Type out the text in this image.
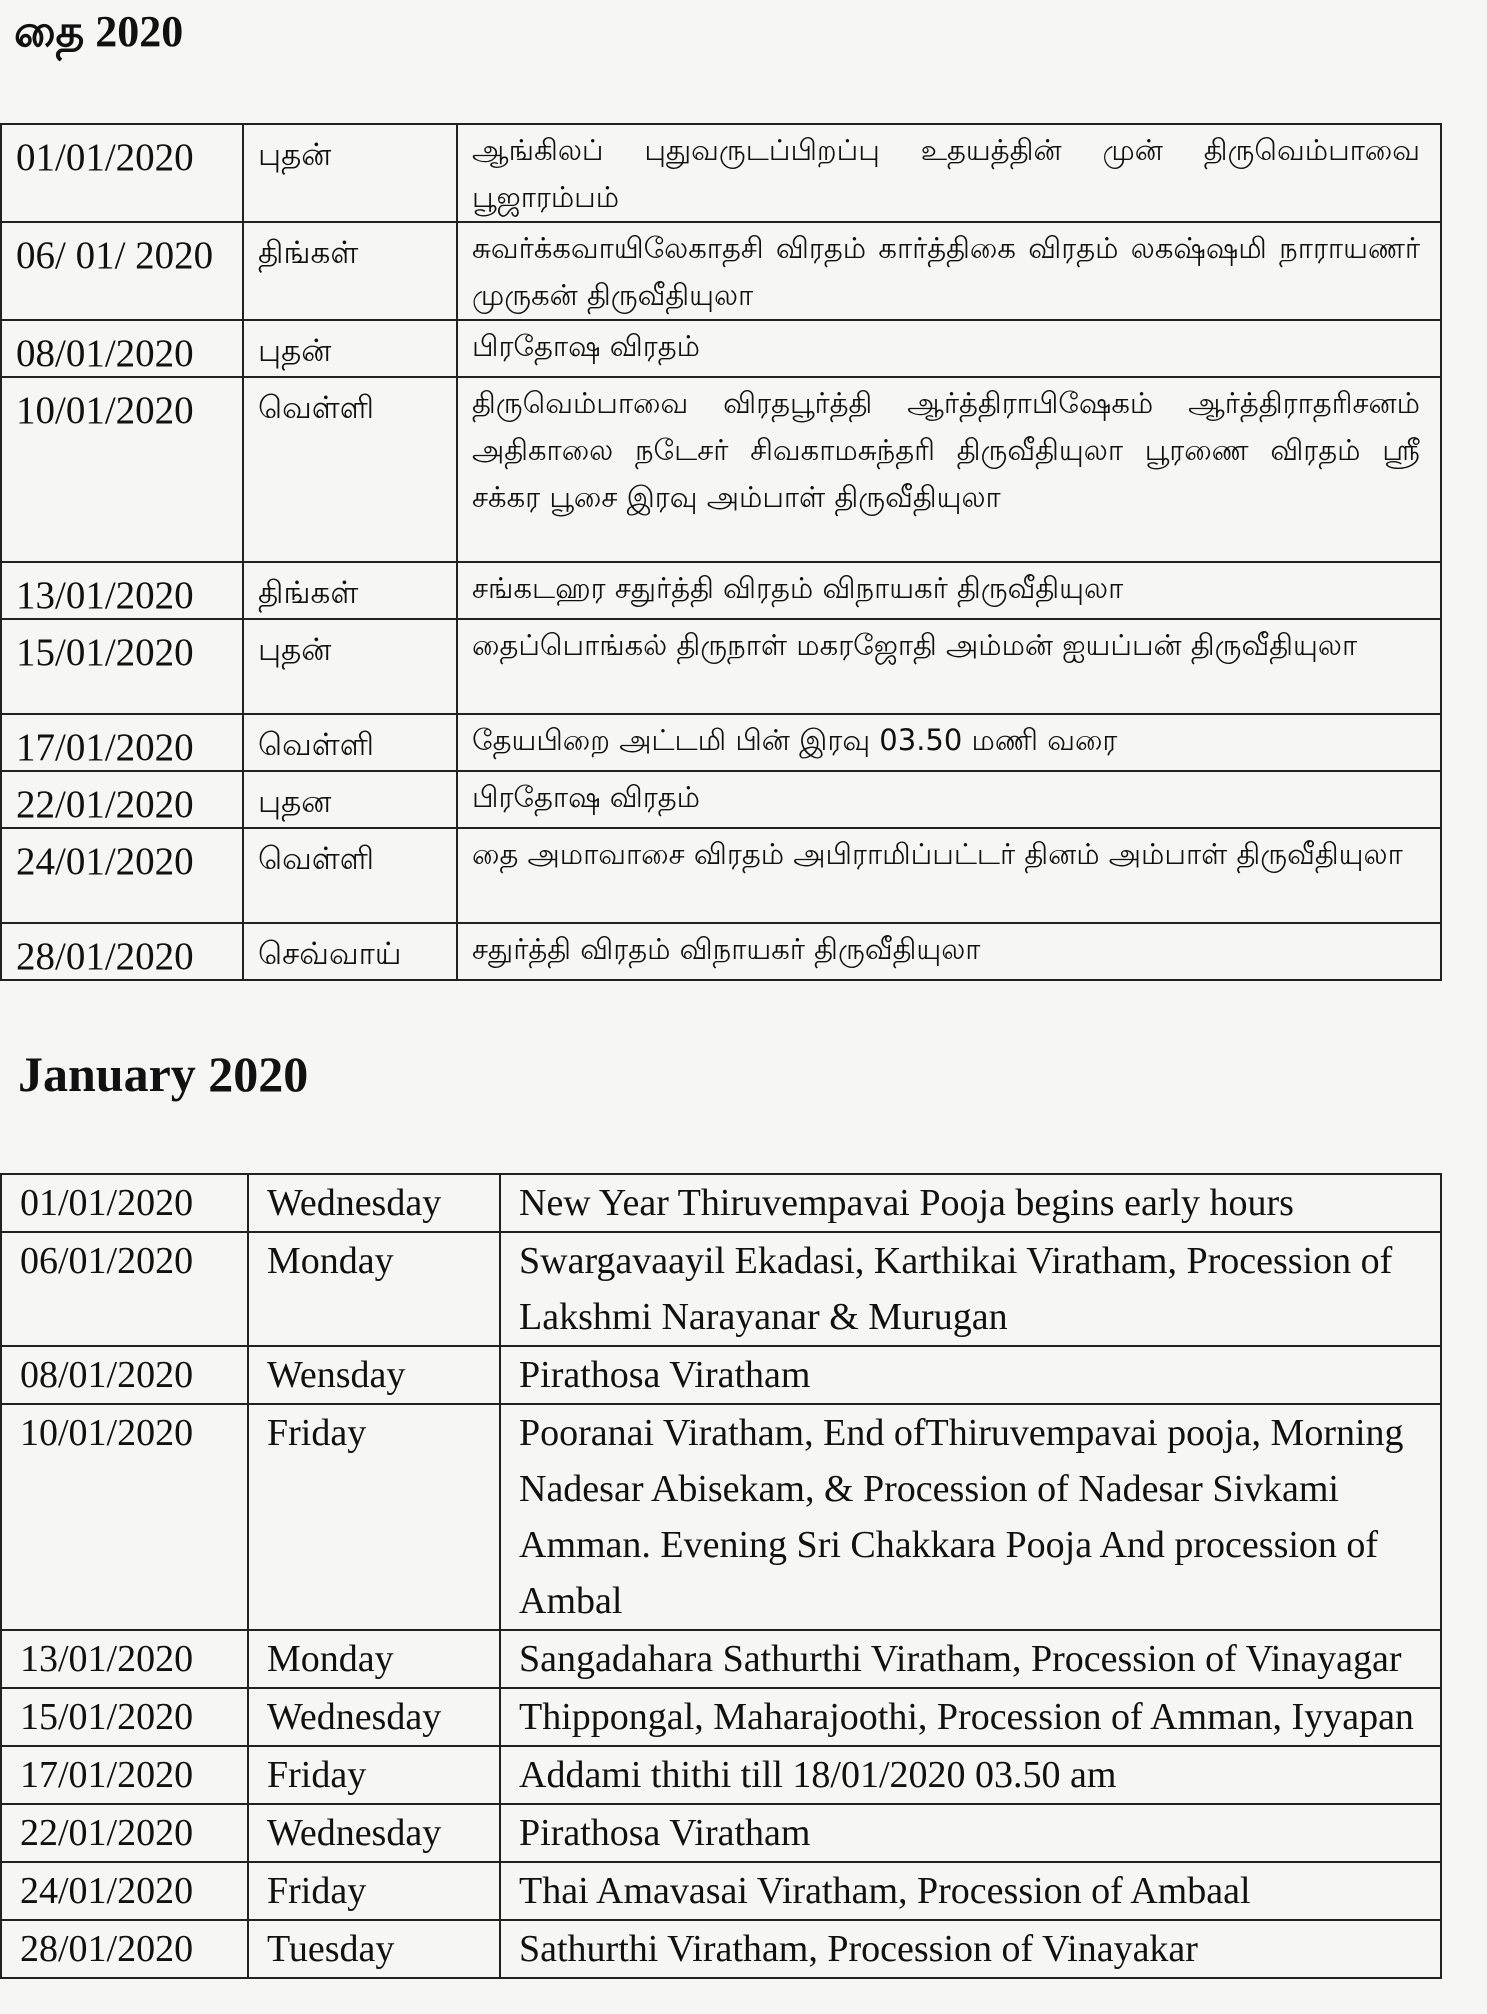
தை 2020
01/01/2020	புதன்	ஆங்கிலப் புதுவருடப்பிறப்பு உதயத்தின் முன் திருவெம்பாவை பூஜாரம்பம்
06/ 01/ 2020	திங்கள்	சுவர்க்கவாயிலேகாதசி விரதம் கார்த்திகை விரதம் லகஷ்ஷமி நாராயணர் முருகன் திருவீதியுலா
08/01/2020	புதன்	பிரதோஷ விரதம்
10/01/2020	வெள்ளி	திருவெம்பாவை விரதபூர்த்தி ஆர்த்திராபிஷேகம் ஆர்த்திராதரிசனம் அதிகாலை நடேசர் சிவகாமசுந்தரி திருவீதியுலா பூரணை விரதம் ஸ்ரீ சக்கர பூசை இரவு அம்பாள் திருவீதியுலா
13/01/2020	திங்கள்	சங்கடஹர சதுர்த்தி விரதம் விநாயகர் திருவீதியுலா
15/01/2020	புதன்	தைப்பொங்கல் திருநாள் மகரஜோதி அம்மன் ஐயப்பன் திருவீதியுலா
17/01/2020	வெள்ளி	தேயபிறை அட்டமி பின் இரவு 03.50 மணி வரை
22/01/2020	புதன	பிரதோஷ விரதம்
24/01/2020	வெள்ளி	தை அமாவாசை விரதம் அபிராமிப்பட்டர் தினம் அம்பாள் திருவீதியுலா
28/01/2020	செவ்வாய்	சதுர்த்தி விரதம் விநாயகர் திருவீதியுலா
January 2020
01/01/2020	Wednesday	New Year Thiruvempavai Pooja begins early hours
06/01/2020	Monday	Swargavaayil Ekadasi, Karthikai Viratham, Procession of Lakshmi Narayanar & Murugan
08/01/2020	Wensday	Pirathosa Viratham
10/01/2020	Friday	Pooranai Viratham, End ofThiruvempavai pooja, Morning Nadesar Abisekam, & Procession of Nadesar Sivkami Amman. Evening Sri Chakkara Pooja And procession of Ambal
13/01/2020	Monday	Sangadahara Sathurthi Viratham, Procession of Vinayagar
15/01/2020	Wednesday	Thippongal, Maharajoothi, Procession of Amman, Iyyapan
17/01/2020	Friday	Addami thithi till 18/01/2020 03.50 am
22/01/2020	Wednesday	Pirathosa Viratham
24/01/2020	Friday	Thai Amavasai Viratham, Procession of Ambaal
28/01/2020	Tuesday	Sathurthi Viratham, Procession of Vinayakar
